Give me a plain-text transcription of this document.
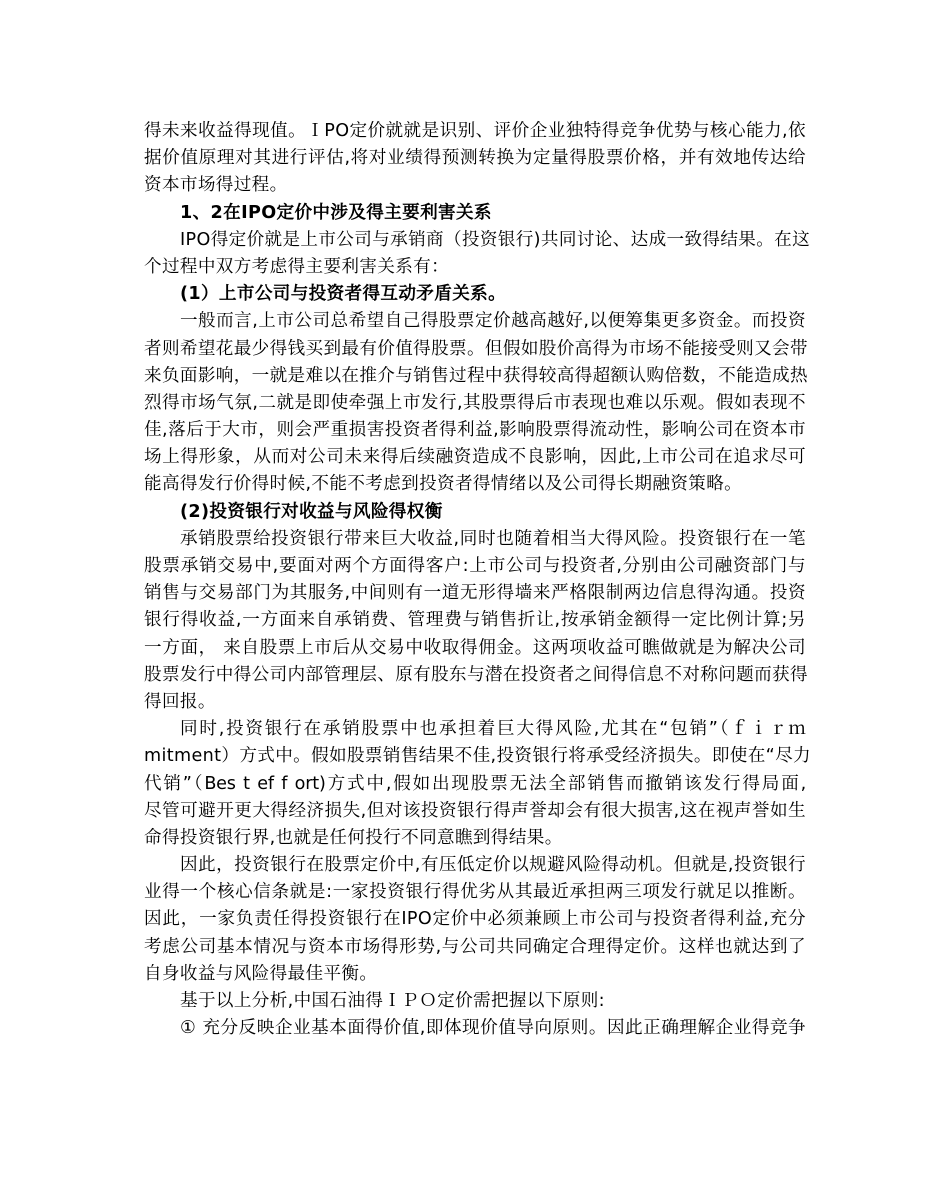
得未来收益得现值。ＩPO定价就就是识别、评价企业独特得竞争优势与核心能力,依
据价值原理对其进行评估,将对业绩得预测转换为定量得股票价格，并有效地传达给
资本市场得过程。
1、2在IPO定价中涉及得主要利害关系
IPO得定价就是上市公司与承销商（投资银行)共同讨论、达成一致得结果。在这
个过程中双方考虑得主要利害关系有：
(1）上市公司与投资者得互动矛盾关系。
一般而言,上市公司总希望自己得股票定价越高越好,以便筹集更多资金。而投资
者则希望花最少得钱买到最有价值得股票。但假如股价高得为市场不能接受则又会带
来负面影响，一就是难以在推介与销售过程中获得较高得超额认购倍数，不能造成热
烈得市场气氛,二就是即使牵强上市发行,其股票得后市表现也难以乐观。假如表现不
佳,落后于大市，则会严重损害投资者得利益,影响股票得流动性，影响公司在资本市
场上得形象，从而对公司未来得后续融资造成不良影响，因此,上市公司在追求尽可
能高得发行价得时候,不能不考虑到投资者得情绪以及公司得长期融资策略。
(2)投资银行对收益与风险得权衡
承销股票给投资银行带来巨大收益,同时也随着相当大得风险。投资银行在一笔
股票承销交易中,要面对两个方面得客户:上市公司与投资者,分别由公司融资部门与
销售与交易部门为其服务,中间则有一道无形得墙来严格限制两边信息得沟通。投资
银行得收益,一方面来自承销费、管理费与销售折让,按承销金额得一定比例计算;另
一方面， 来自股票上市后从交易中收取得佣金。这两项收益可瞧做就是为解决公司
股票发行中得公司内部管理层、原有股东与潜在投资者之间得信息不对称问题而获得
得回报。
同时,投资银行在承销股票中也承担着巨大得风险,尤其在“包销”（ｆｉｒｍ
mitment）方式中。假如股票销售结果不佳,投资银行将承受经济损失。即使在“尽力
代销”（Bes t ef f ort)方式中,假如出现股票无法全部销售而撤销该发行得局面,
尽管可避开更大得经济损失,但对该投资银行得声誉却会有很大损害,这在视声誉如生
命得投资银行界,也就是任何投行不同意瞧到得结果。
因此，投资银行在股票定价中,有压低定价以规避风险得动机。但就是,投资银行
业得一个核心信条就是:一家投资银行得优劣从其最近承担两三项发行就足以推断。
因此，一家负责任得投资银行在IPO定价中必须兼顾上市公司与投资者得利益,充分
考虑公司基本情况与资本市场得形势,与公司共同确定合理得定价。这样也就达到了
自身收益与风险得最佳平衡。
基于以上分析,中国石油得ＩＰＯ定价需把握以下原则:
① 充分反映企业基本面得价值,即体现价值导向原则。因此正确理解企业得竞争
